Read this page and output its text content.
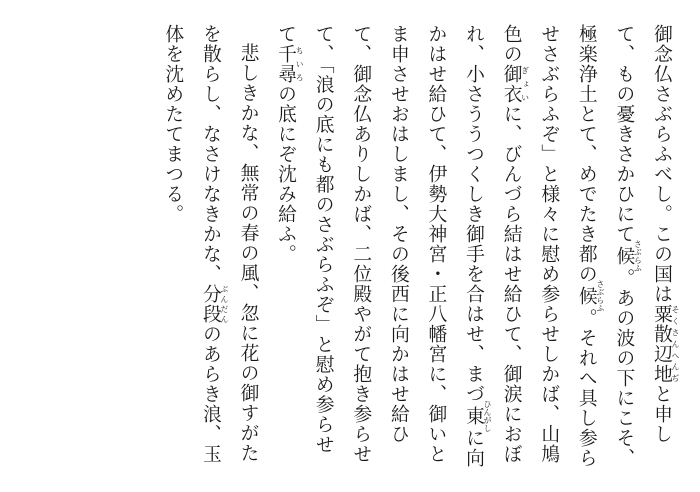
御念仏さぶらふべし。この国は粟散辺地 そくさんへんぢと申して、もの憂きさかひにて候 さぶらふ。あの波の下にこそ、極楽浄土とて、めでたき都の候 さぶらふ。それへ具し参らせさぶらふぞ」と様々に慰め参らせしかば、山鳩色の御衣 ぎょいに、びんづら結はせ給ひて、御涙におぼれ、小さううつくしき御手を合はせ、まづ東 ひんがしに向かはせ給ひて、伊勢大神宮・正八幡宮に、御いとま申させおはしまし、その後西に向かはせ給ひて、御念仏ありしかば、二位殿やがて抱き参らせて、「浪の底にも都のさぶらふぞ」と慰め参らせて千尋 ちいろの底にぞ沈み給ふ。

悲しきかな、無常の春の風、忽に花の御すがたを散らし、なさけなきかな、分段 ぶんだんのあらき浪、玉体を沈めたてまつる。
